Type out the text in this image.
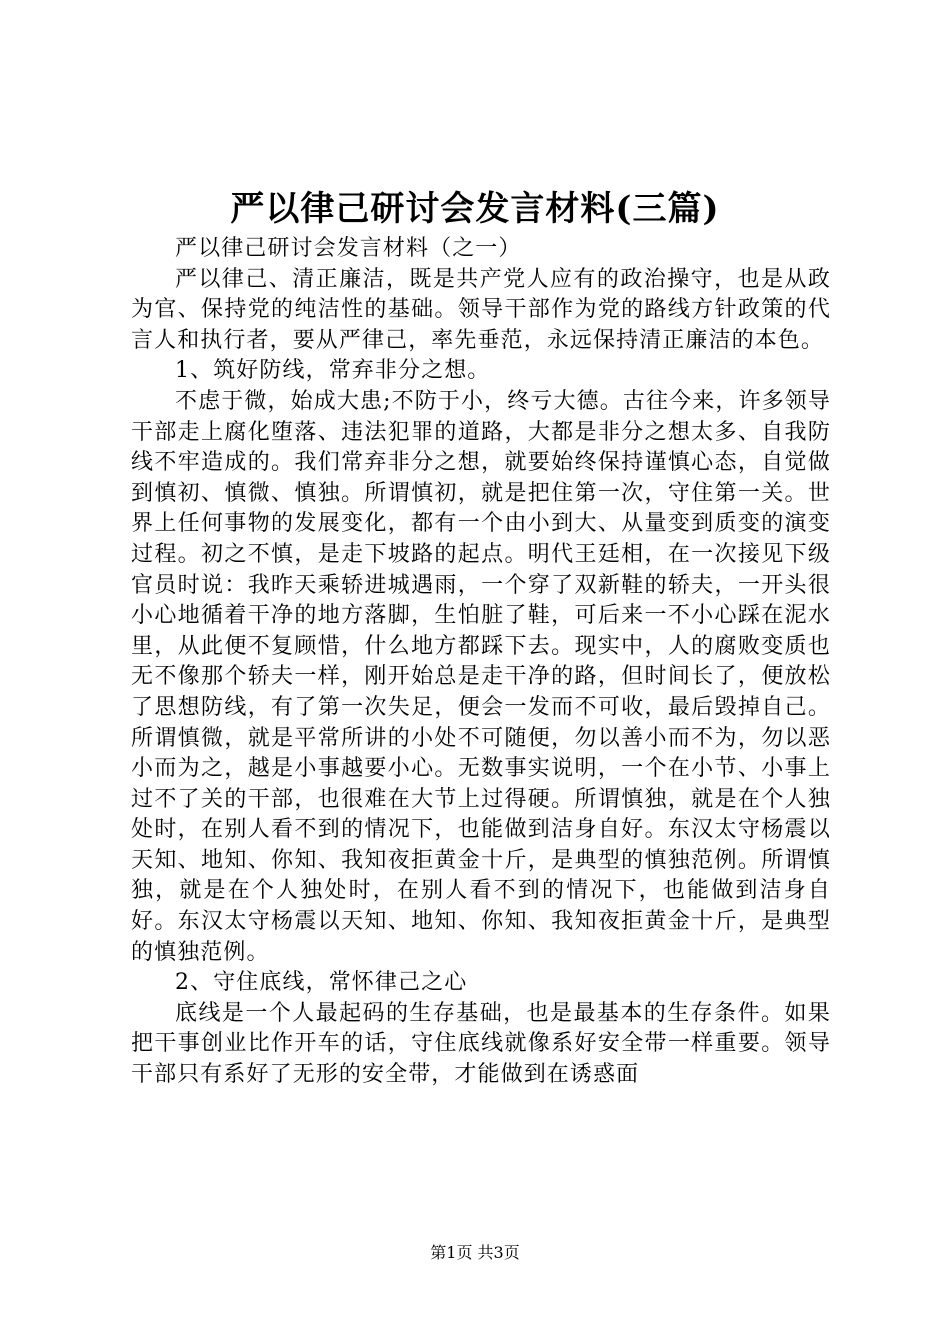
严以律己研讨会发言材料(三篇)

严以律己研讨会发言材料（之一）

严以律己、清正廉洁，既是共产党人应有的政治操守，也是从政为官、保持党的纯洁性的基础。领导干部作为党的路线方针政策的代言人和执行者，要从严律己，率先垂范，永远保持清正廉洁的本色。

1、筑好防线，常弃非分之想。

不虑于微，始成大患;不防于小，终亏大德。古往今来，许多领导干部走上腐化堕落、违法犯罪的道路，大都是非分之想太多、自我防线不牢造成的。我们常弃非分之想，就要始终保持谨慎心态，自觉做到慎初、慎微、慎独。所谓慎初，就是把住第一次，守住第一关。世界上任何事物的发展变化，都有一个由小到大、从量变到质变的演变过程。初之不慎，是走下坡路的起点。明代王廷相，在一次接见下级官员时说：我昨天乘轿进城遇雨，一个穿了双新鞋的轿夫，一开头很小心地循着干净的地方落脚，生怕脏了鞋，可后来一不小心踩在泥水里，从此便不复顾惜，什么地方都踩下去。现实中，人的腐败变质也无不像那个轿夫一样，刚开始总是走干净的路，但时间长了，便放松了思想防线，有了第一次失足，便会一发而不可收，最后毁掉自己。所谓慎微，就是平常所讲的小处不可随便，勿以善小而不为，勿以恶小而为之，越是小事越要小心。无数事实说明，一个在小节、小事上过不了关的干部，也很难在大节上过得硬。所谓慎独，就是在个人独处时，在别人看不到的情况下，也能做到洁身自好。东汉太守杨震以天知、地知、你知、我知夜拒黄金十斤，是典型的慎独范例。所谓慎独，就是在个人独处时，在别人看不到的情况下，也能做到洁身自好。东汉太守杨震以天知、地知、你知、我知夜拒黄金十斤，是典型的慎独范例。

2、守住底线，常怀律己之心

底线是一个人最起码的生存基础，也是最基本的生存条件。如果把干事创业比作开车的话，守住底线就像系好安全带一样重要。领导干部只有系好了无形的安全带，才能做到在诱惑面

第1页 共3页
